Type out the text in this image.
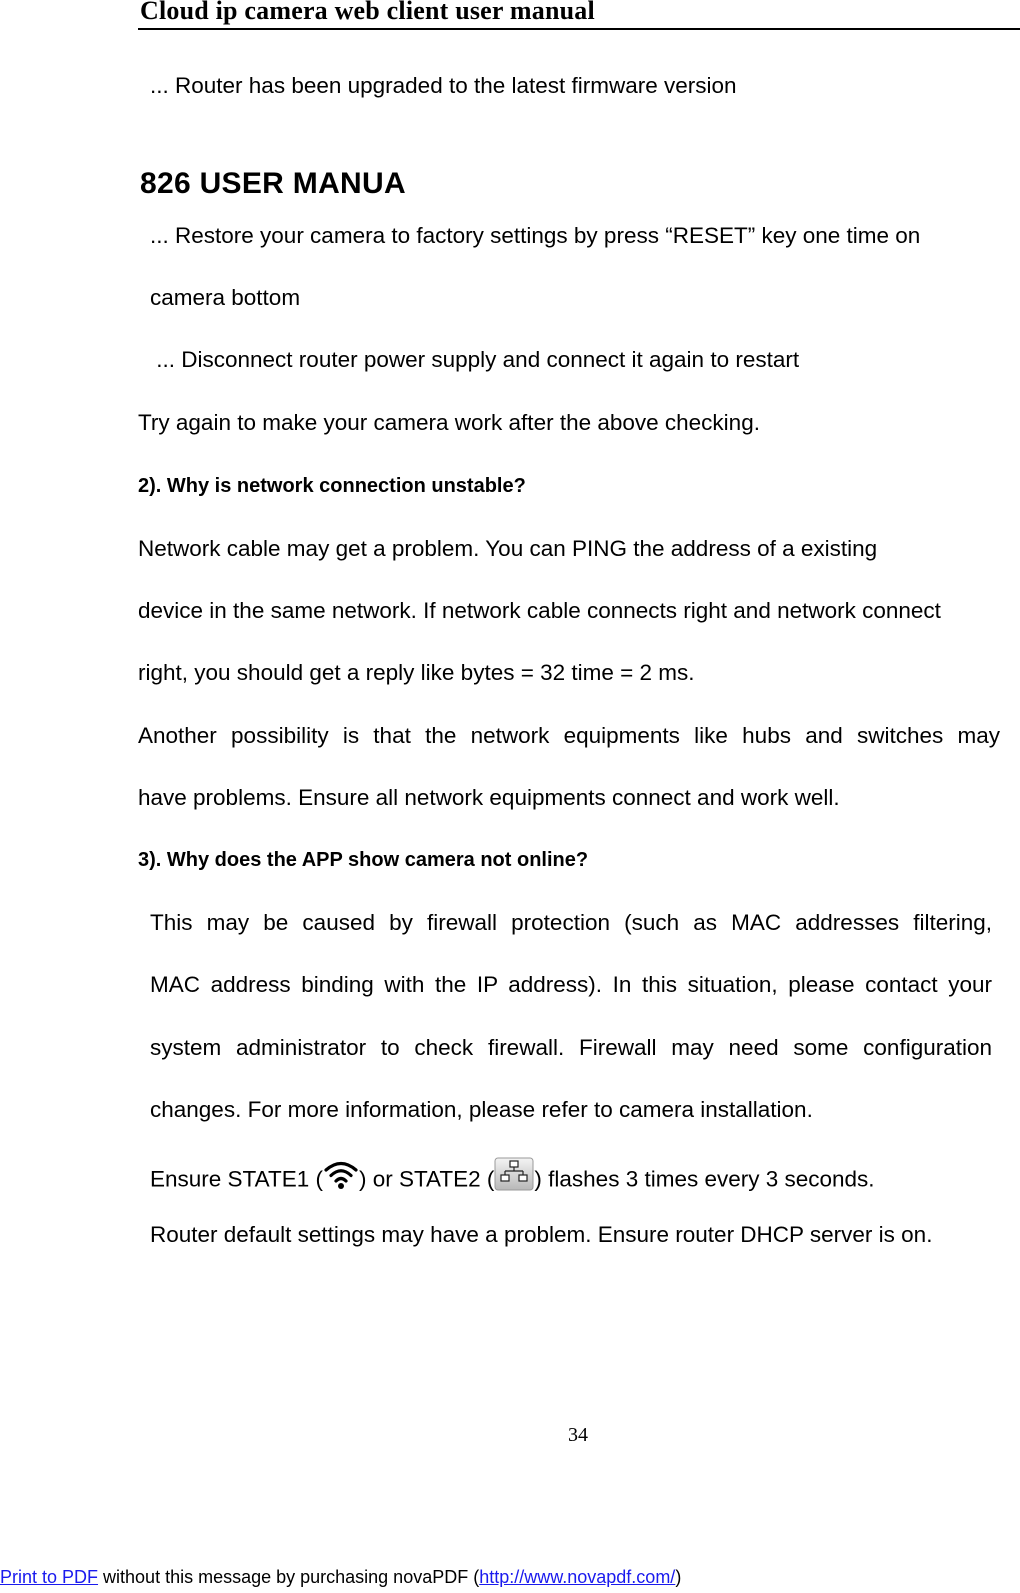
Cloud ip camera web client user manual
... Router has been upgraded to the latest firmware version
826 USER MANUA
... Restore your camera to factory settings by press “RESET” key one time on
camera bottom
... Disconnect router power supply and connect it again to restart
Try again to make your camera work after the above checking.
2). Why is network connection unstable?
Network cable may get a problem. You can PING the address of a existing
device in the same network. If network cable connects right and network connect
right, you should get a reply like bytes = 32 time = 2 ms.
Another possibility is that the network equipments like hubs and switches may
have problems. Ensure all network equipments connect and work well.
3). Why does the APP show camera not online?
This may be caused by firewall protection (such as MAC addresses filtering,
MAC address binding with the IP address). In this situation, please contact your
system administrator to check firewall. Firewall may need some configuration
changes. For more information, please refer to camera installation.
Ensure STATE1 ( ) or STATE2 ( ) flashes 3 times every 3 seconds.
Router default settings may have a problem. Ensure router DHCP server is on.
34
Print to PDF without this message by purchasing novaPDF (http://www.novapdf.com/)
